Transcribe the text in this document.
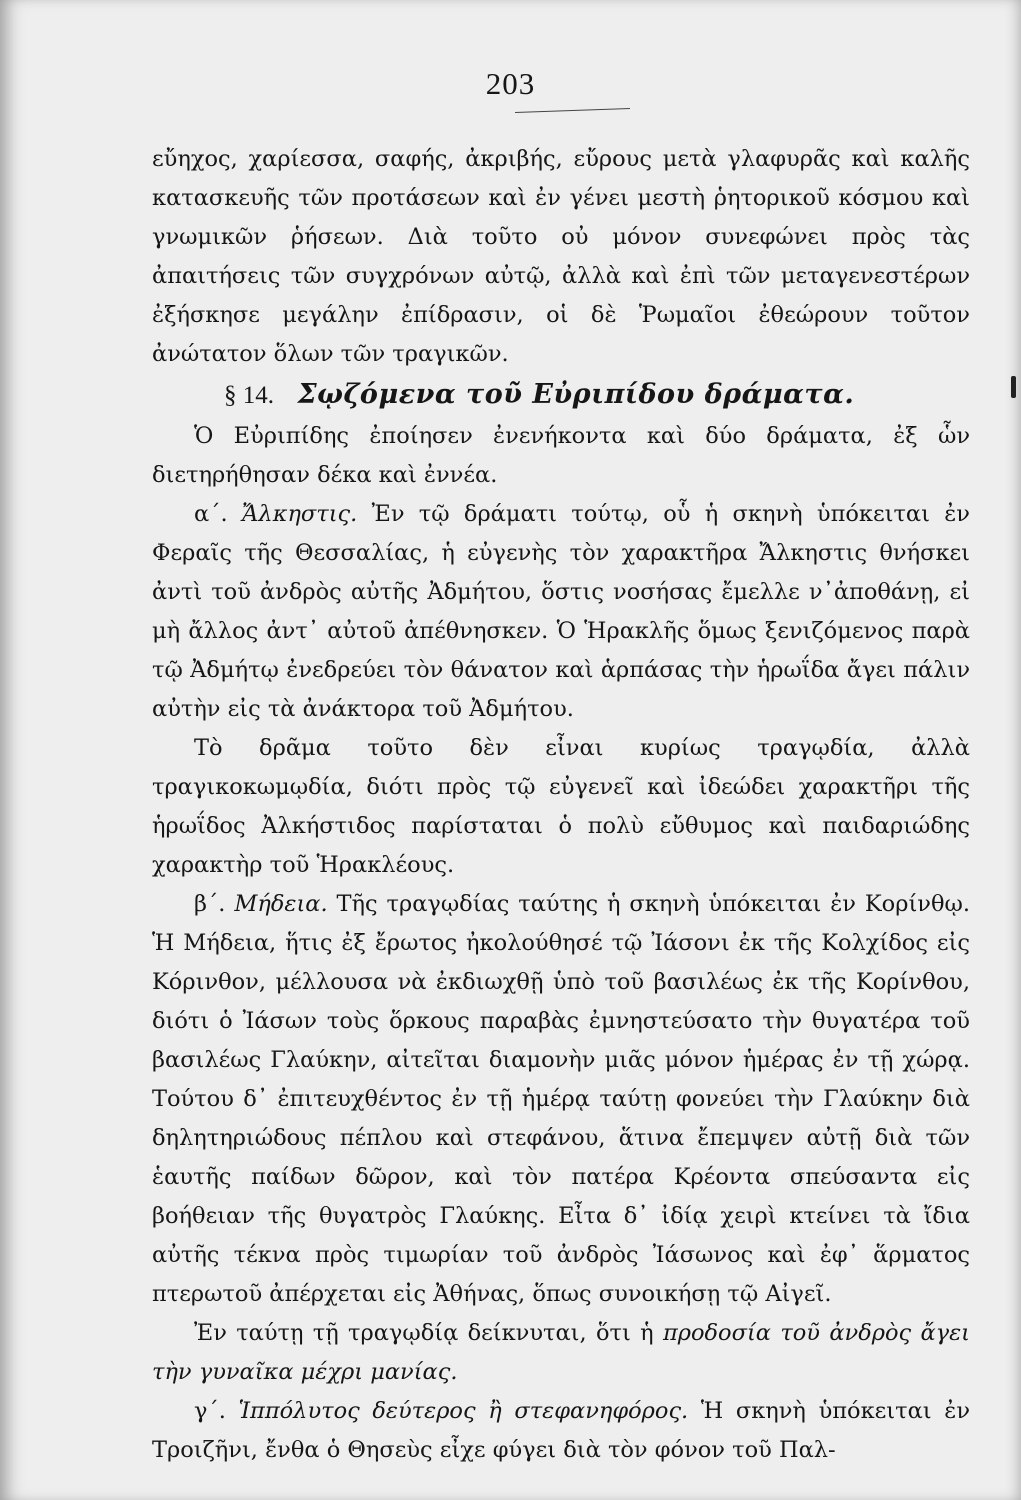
203

εὔηχος, χαρίεσσα, σαφής, ἀκριβής, εὔρους μετὰ γλαφυρᾶς καὶ καλῆς κατασκευῆς τῶν προτάσεων καὶ ἐν γένει μεστὴ ῥητορικοῦ κόσμου καὶ γνωμικῶν ῥήσεων. Διὰ τοῦτο οὐ μόνον συνεφώνει πρὸς τὰς ἀπαιτήσεις τῶν συγχρόνων αὐτῷ, ἀλλὰ καὶ ἐπὶ τῶν μεταγενεστέρων ἐξήσκησε μεγάλην ἐπίδρασιν, οἱ δὲ Ῥωμαῖοι ἐθεώρουν τοῦτον ἀνώτατον ὅλων τῶν τραγικῶν.

§ 14. Σῳζόμενα τοῦ Εὐριπίδου δράματα.

Ὁ Εὐριπίδης ἐποίησεν ἐνενήκοντα καὶ δύο δράματα, ἐξ ὧν διετηρήθησαν δέκα καὶ ἐννέα.

α΄. Ἄλκηστις. Ἐν τῷ δράματι τούτῳ, οὗ ἡ σκηνὴ ὑπόκειται ἐν Φεραῖς τῆς Θεσσαλίας, ἡ εὐγενὴς τὸν χαρακτῆρα Ἄλκηστις θνήσκει ἀντὶ τοῦ ἀνδρὸς αὐτῆς Ἀδμήτου, ὅστις νοσήσας ἔμελλε ν᾿ἀποθάνῃ, εἰ μὴ ἄλλος ἀντ᾿ αὐτοῦ ἀπέθνησκεν. Ὁ Ἡρακλῆς ὅμως ξενιζόμενος παρὰ τῷ Ἀδμήτῳ ἐνεδρεύει τὸν θάνατον καὶ ἁρπάσας τὴν ἡρωΐδα ἄγει πάλιν αὐτὴν εἰς τὰ ἀνάκτορα τοῦ Ἀδμήτου.

Τὸ δρᾶμα τοῦτο δὲν εἶναι κυρίως τραγῳδία, ἀλλὰ τραγικοκωμῳδία, διότι πρὸς τῷ εὐγενεῖ καὶ ἰδεώδει χαρακτῆρι τῆς ἡρωΐδος Ἀλκήστιδος παρίσταται ὁ πολὺ εὔθυμος καὶ παιδαριώδης χαρακτὴρ τοῦ Ἡρακλέους.

β΄. Μήδεια. Τῆς τραγῳδίας ταύτης ἡ σκηνὴ ὑπόκειται ἐν Κορίνθῳ. Ἡ Μήδεια, ἥτις ἐξ ἔρωτος ἠκολούθησέ τῷ Ἰάσονι ἐκ τῆς Κολχίδος εἰς Κόρινθον, μέλλουσα νὰ ἐκδιωχθῇ ὑπὸ τοῦ βασιλέως ἐκ τῆς Κορίνθου, διότι ὁ Ἰάσων τοὺς ὅρκους παραβὰς ἐμνηστεύσατο τὴν θυγατέρα τοῦ βασιλέως Γλαύκην, αἰτεῖται διαμονὴν μιᾶς μόνον ἡμέρας ἐν τῇ χώρᾳ. Τούτου δ᾿ ἐπιτευχθέντος ἐν τῇ ἡμέρᾳ ταύτῃ φονεύει τὴν Γλαύκην διὰ δηλητηριώδους πέπλου καὶ στεφάνου, ἅτινα ἔπεμψεν αὐτῇ διὰ τῶν ἑαυτῆς παίδων δῶρον, καὶ τὸν πατέρα Κρέοντα σπεύσαντα εἰς βοήθειαν τῆς θυγατρὸς Γλαύκης. Εἶτα δ᾿ ἰδίᾳ χειρὶ κτείνει τὰ ἴδια αὐτῆς τέκνα πρὸς τιμωρίαν τοῦ ἀνδρὸς Ἰάσωνος καὶ ἐφ᾿ ἅρματος πτερωτοῦ ἀπέρχεται εἰς Ἀθήνας, ὅπως συνοικήσῃ τῷ Αἰγεῖ.

Ἐν ταύτῃ τῇ τραγῳδίᾳ δείκνυται, ὅτι ἡ προδοσία τοῦ ἀνδρὸς ἄγει τὴν γυναῖκα μέχρι μανίας.

γ΄. Ἱππόλυτος δεύτερος ἢ στεφανηφόρος. Ἡ σκηνὴ ὑπόκειται ἐν Τροιζῆνι, ἔνθα ὁ Θησεὺς εἶχε φύγει διὰ τὸν φόνον τοῦ Παλ-
